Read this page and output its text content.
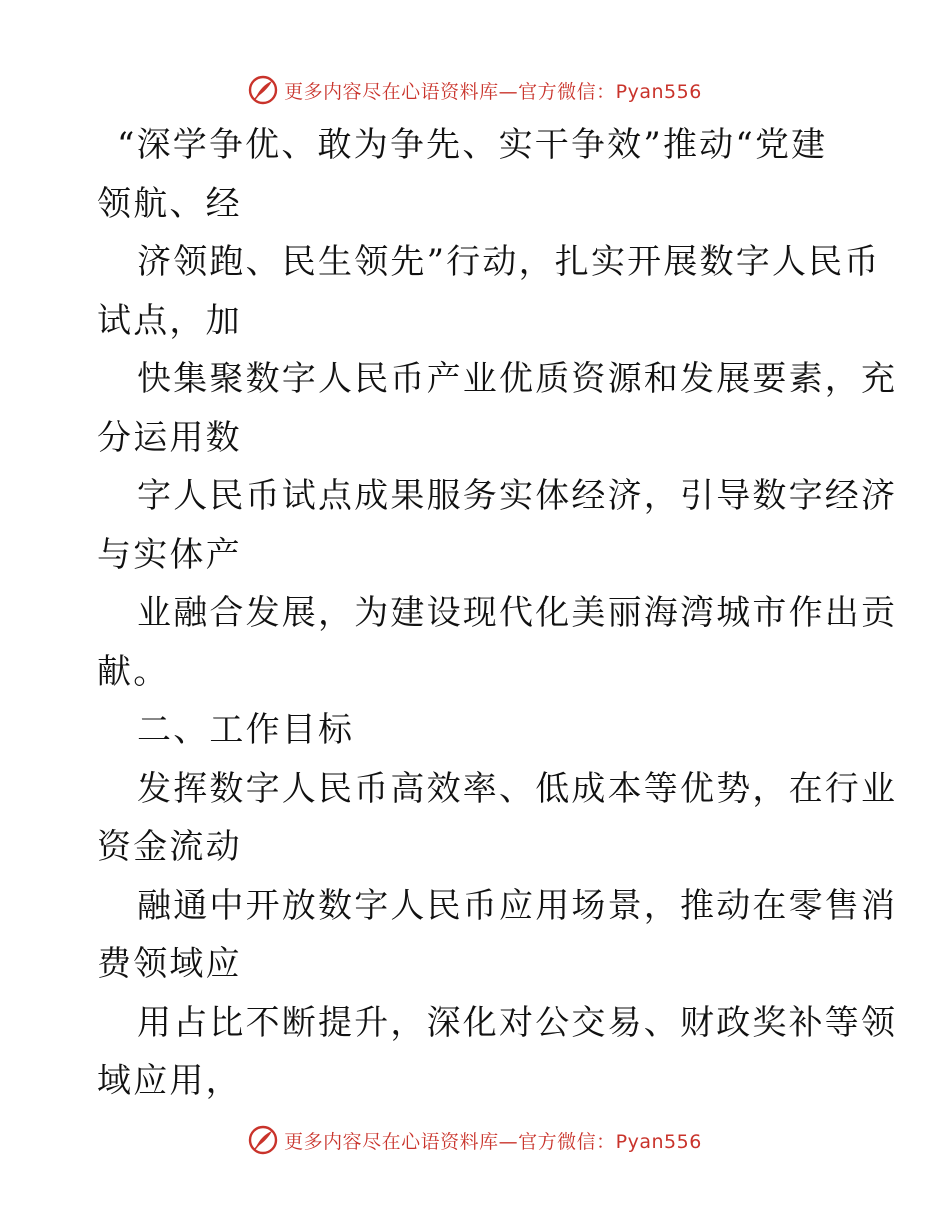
更多内容尽在心语资料库—官方微信：Pyan556
“深学争优、敢为争先、实干争效”推动“党建
领航、经
济领跑、民生领先”行动，扎实开展数字人民币
试点，加
快集聚数字人民币产业优质资源和发展要素，充
分运用数
字人民币试点成果服务实体经济，引导数字经济
与实体产
业融合发展，为建设现代化美丽海湾城市作出贡
献。
二、工作目标
发挥数字人民币高效率、低成本等优势，在行业
资金流动
融通中开放数字人民币应用场景，推动在零售消
费领域应
用占比不断提升，深化对公交易、财政奖补等领
域应用，
更多内容尽在心语资料库—官方微信：Pyan556
